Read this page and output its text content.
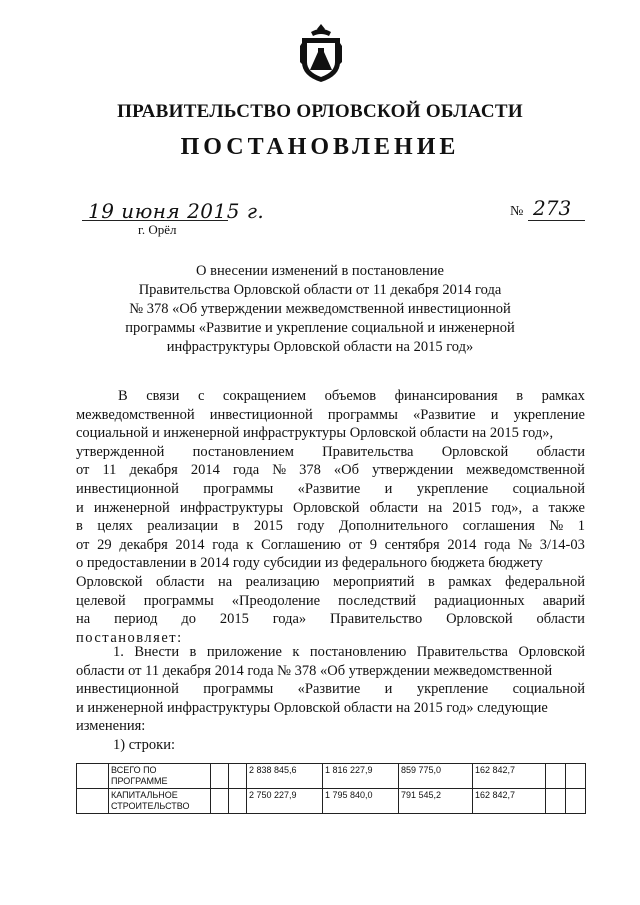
ПРАВИТЕЛЬСТВО ОРЛОВСКОЙ ОБЛАСТИ
ПОСТАНОВЛЕНИЕ
19 июня 2015 г.
г. Орёл
№ 273
О внесении изменений в постановление
Правительства Орловской области от 11 декабря 2014 года
№ 378 «Об утверждении межведомственной инвестиционной
программы «Развитие и укрепление социальной и инженерной
инфраструктуры Орловской области на 2015 год»
В связи с сокращением объемов финансирования в рамках
межведомственной инвестиционной программы «Развитие и укрепление
социальной и инженерной инфраструктуры Орловской области на 2015 год»,
утвержденной постановлением Правительства Орловской области
от 11 декабря 2014 года № 378 «Об утверждении межведомственной
инвестиционной программы «Развитие и укрепление социальной
и инженерной инфраструктуры Орловской области на 2015 год», а также
в целях реализации в 2015 году Дополнительного соглашения № 1
от 29 декабря 2014 года к Соглашению от 9 сентября 2014 года № 3/14-03
о предоставлении в 2014 году субсидии из федерального бюджета бюджету
Орловской области на реализацию мероприятий в рамках федеральной
целевой программы «Преодоление последствий радиационных аварий
на период до 2015 года» Правительство Орловской области
постановляет:
1. Внести в приложение к постановлению Правительства Орловской
области от 11 декабря 2014 года № 378 «Об утверждении межведомственной
инвестиционной программы «Развитие и укрепление социальной
и инженерной инфраструктуры Орловской области на 2015 год» следующие
изменения:
1) строки:
	ВСЕГО ПО ПРОГРАММЕ			2 838 845,6	1 816 227,9	859 775,0	162 842,7		
	КАПИТАЛЬНОЕ СТРОИТЕЛЬСТВО			2 750 227,9	1 795 840,0	791 545,2	162 842,7		
